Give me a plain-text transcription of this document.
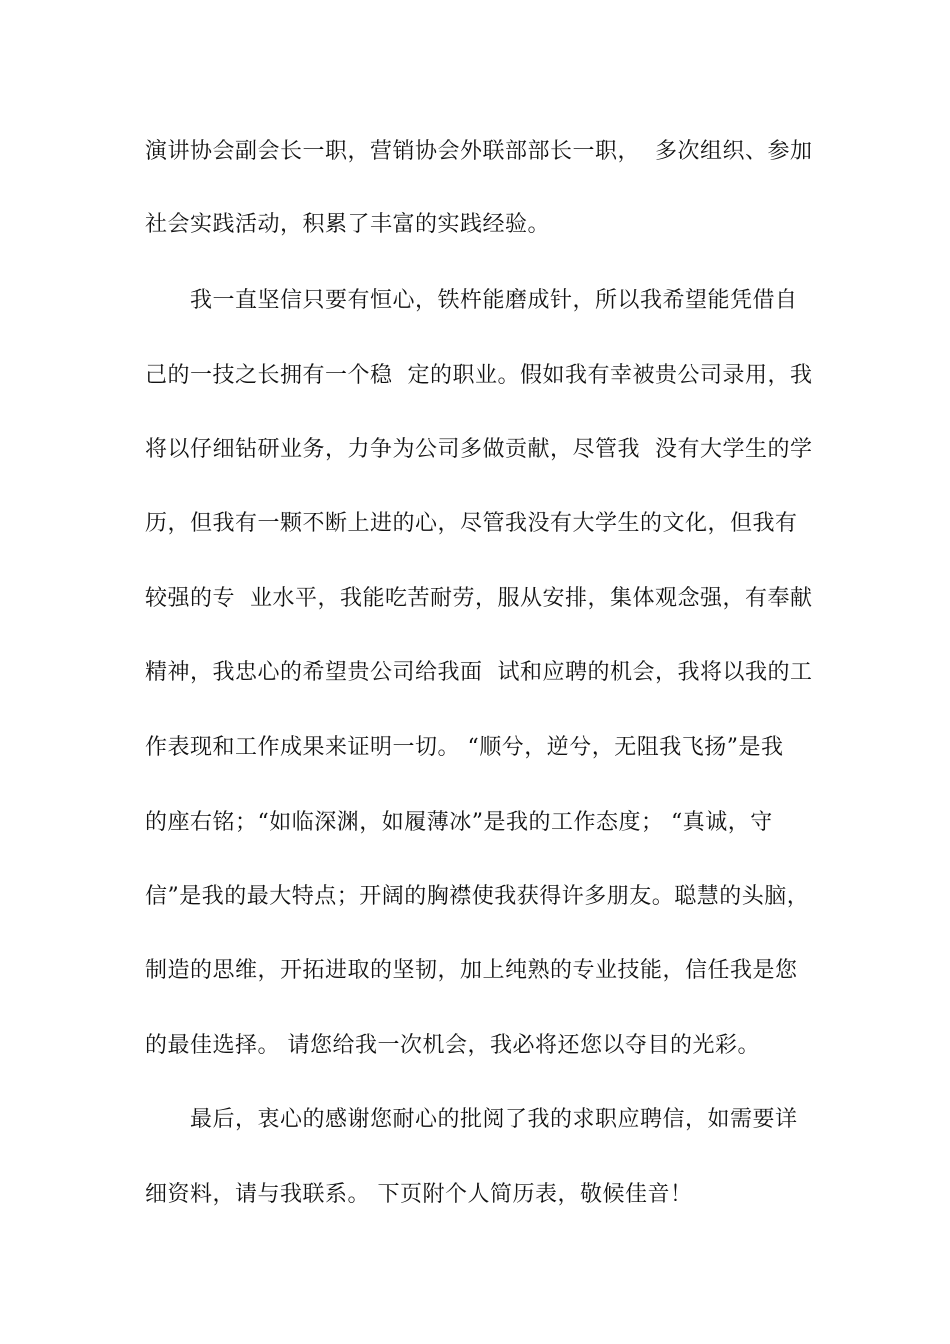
演讲协会副会长一职，营销协会外联部部长一职，  多次组织、参加
社会实践活动，积累了丰富的实践经验。
我一直坚信只要有恒心，铁杵能磨成针，所以我希望能凭借自
己的一技之长拥有一个稳  定的职业。假如我有幸被贵公司录用，我
将以仔细钻研业务，力争为公司多做贡献，尽管我  没有大学生的学
历，但我有一颗不断上进的心，尽管我没有大学生的文化，但我有
较强的专  业水平，我能吃苦耐劳，服从安排，集体观念强，有奉献
精神，我忠心的希望贵公司给我面  试和应聘的机会，我将以我的工
作表现和工作成果来证明一切。 “顺兮，逆兮，无阻我飞扬”是我
的座右铭；“如临深渊，如履薄冰”是我的工作态度； “真诚，守
信”是我的最大特点；开阔的胸襟使我获得许多朋友。聪慧的头脑，
制造的思维，开拓进取的坚韧，加上纯熟的专业技能，信任我是您
的最佳选择。 请您给我一次机会，我必将还您以夺目的光彩。
最后，衷心的感谢您耐心的批阅了我的求职应聘信，如需要详
细资料，请与我联系。 下页附个人简历表，敬候佳音！
